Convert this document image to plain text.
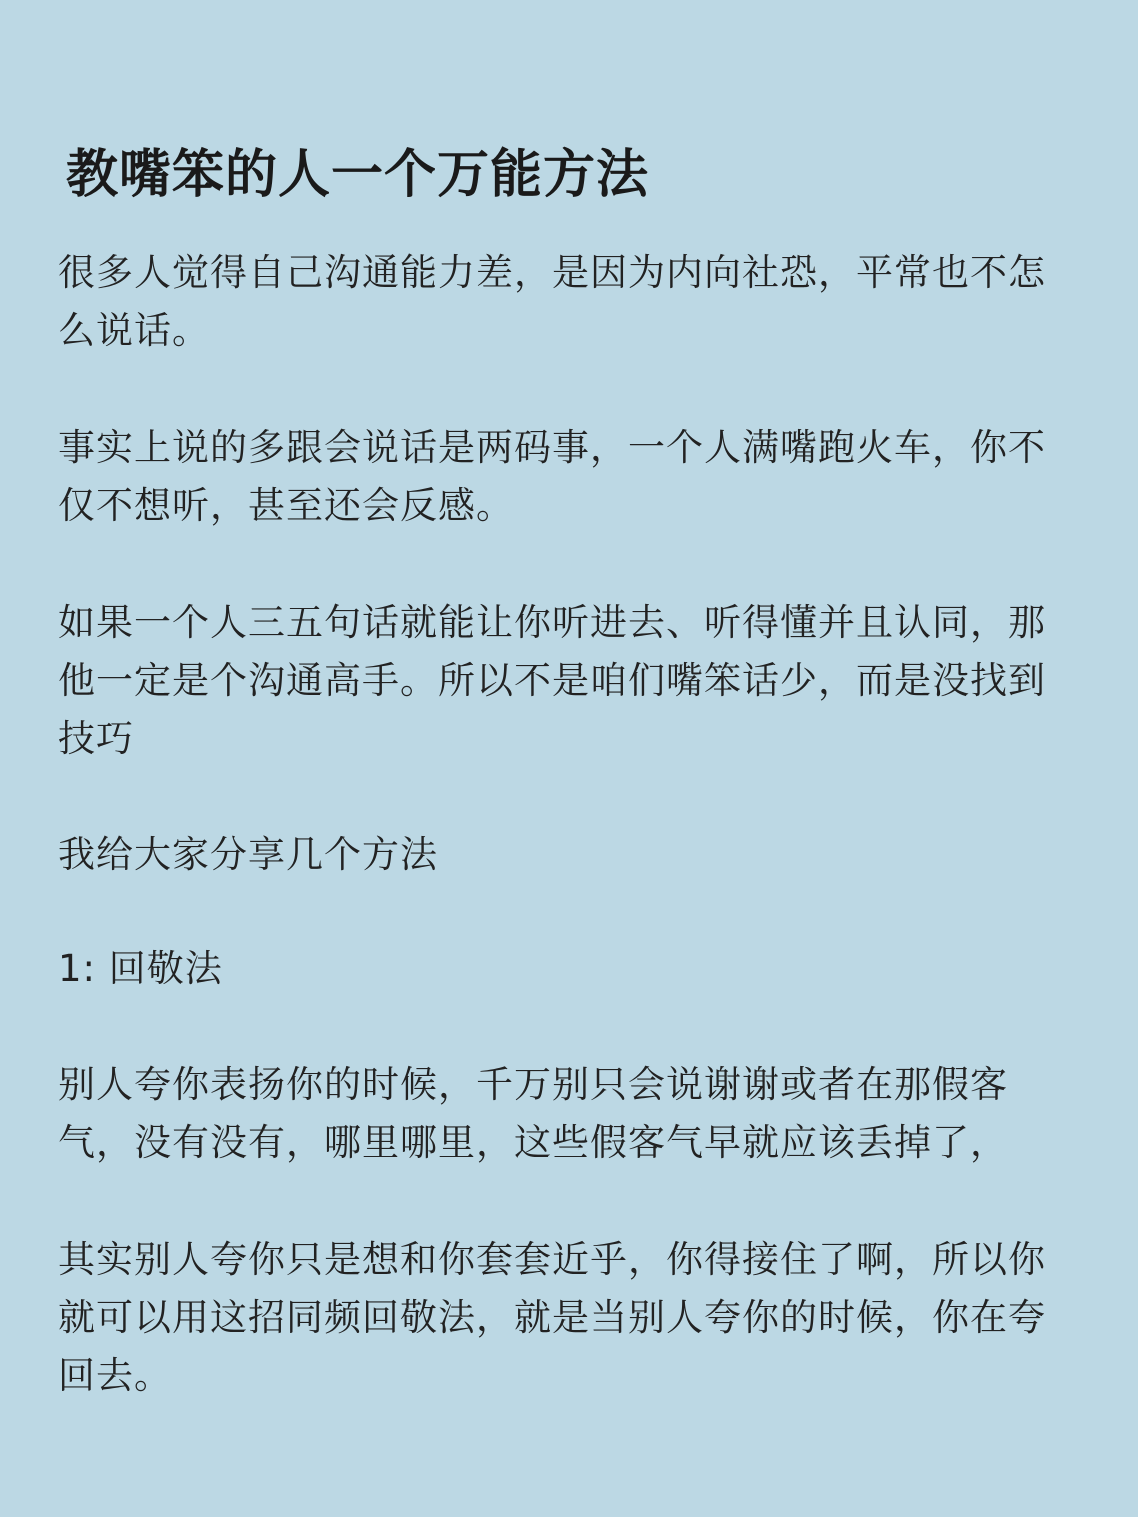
教嘴笨的人一个万能方法

很多人觉得自己沟通能力差，是因为内向社恐，平常也不怎么说话。

事实上说的多跟会说话是两码事，一个人满嘴跑火车，你不仅不想听，甚至还会反感。

如果一个人三五句话就能让你听进去、听得懂并且认同，那他一定是个沟通高手。所以不是咱们嘴笨话少，而是没找到技巧

我给大家分享几个方法

1: 回敬法

别人夸你表扬你的时候，千万别只会说谢谢或者在那假客气，没有没有，哪里哪里，这些假客气早就应该丢掉了，

其实别人夸你只是想和你套套近乎，你得接住了啊，所以你就可以用这招同频回敬法，就是当别人夸你的时候，你在夸回去。
